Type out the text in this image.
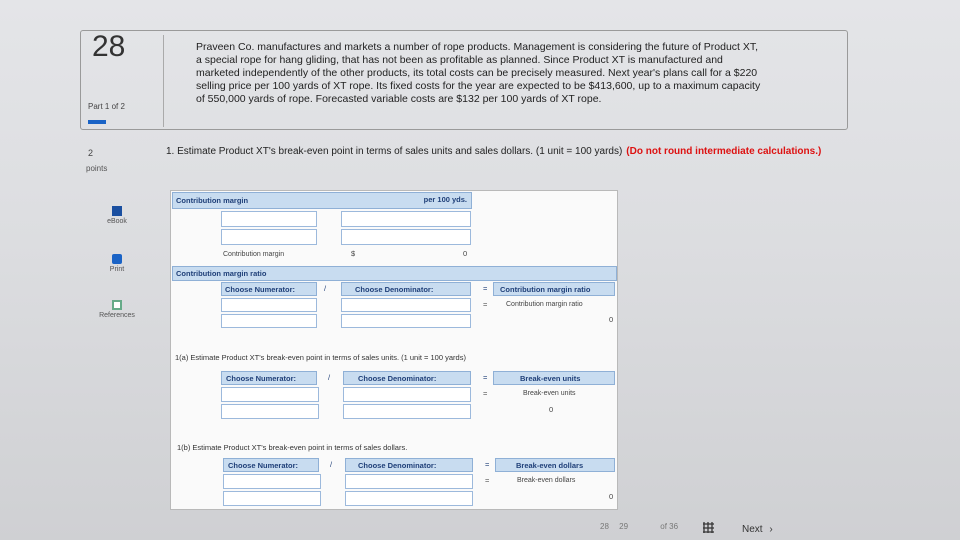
28
Part 1 of 2
Praveen Co. manufactures and markets a number of rope products. Management is considering the future of Product XT,
a special rope for hang gliding, that has not been as profitable as planned. Since Product XT is manufactured and
marketed independently of the other products, its total costs can be precisely measured. Next year's plans call for a $220
selling price per 100 yards of XT rope. Its fixed costs for the year are expected to be $413,600, up to a maximum capacity
of 550,000 yards of rope. Forecasted variable costs are $132 per 100 yards of XT rope.
2
points
eBook
Print
References
1. Estimate Product XT's break-even point in terms of sales units and sales dollars. (1 unit = 100 yards) (Do not round intermediate calculations.)
Contribution margin	per 100 yds.
Contribution margin	$	0
Contribution margin ratio
Choose Numerator:	/	Choose Denominator:	=	Contribution margin ratio
=	Contribution margin ratio
0
1(a) Estimate Product XT's break-even point in terms of sales units. (1 unit = 100 yards)
Choose Numerator:	/	Choose Denominator:	=	Break-even units
=	Break-even units
0
1(b) Estimate Product XT's break-even point in terms of sales dollars.
Choose Numerator:	/	Choose Denominator:	=	Break-even dollars
=	Break-even dollars
0
28 29	of 36	Next ›
